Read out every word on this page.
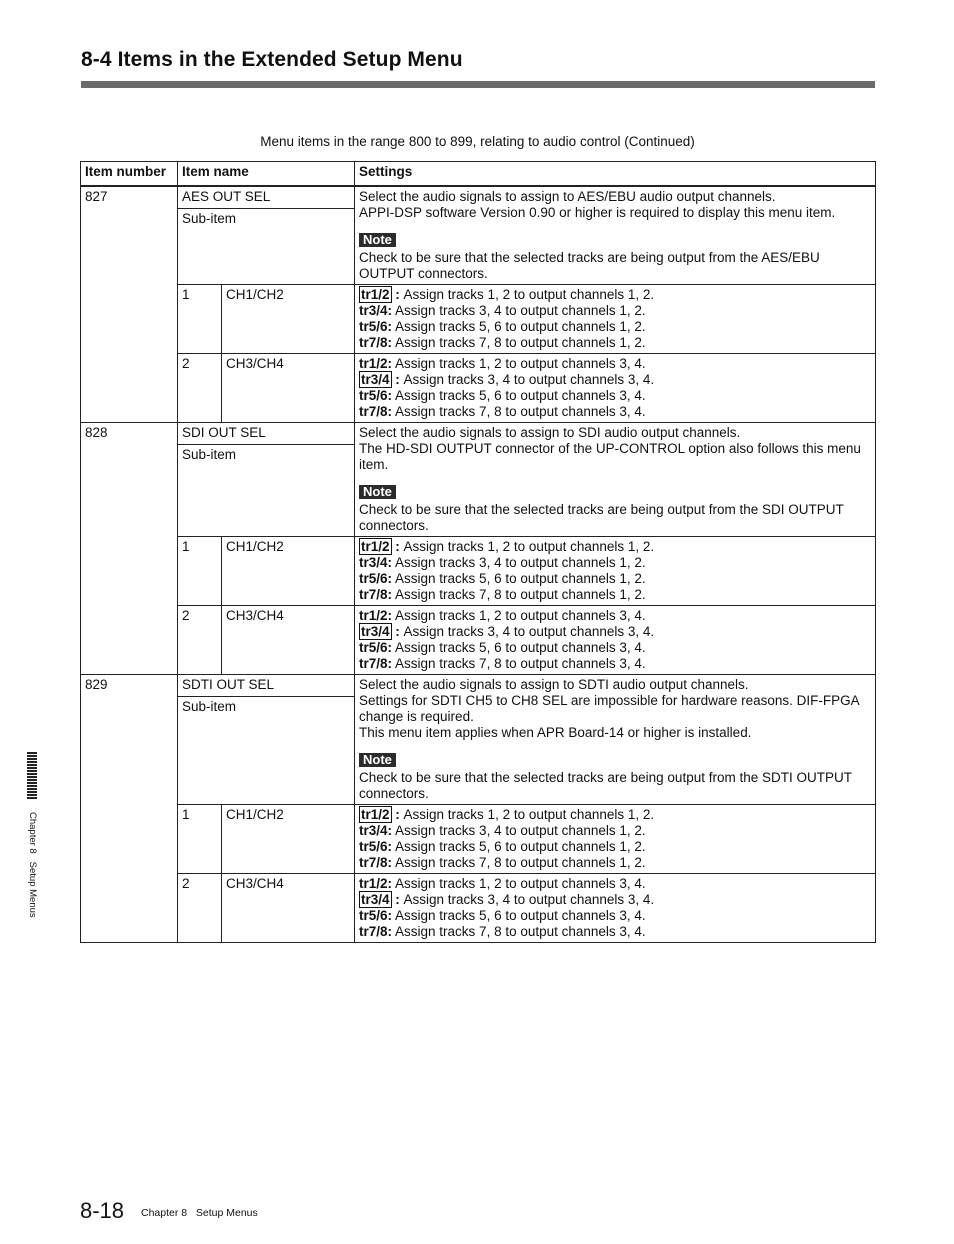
8-4 Items in the Extended Setup Menu
Menu items in the range 800 to 899, relating to audio control (Continued)
Item number	Item name		Settings
827	AES OUT SEL		Select the audio signals to assign to AES/EBU audio output channels.

APPI-DSP software Version 0.90 or higher is required to display this menu item.

Note

Check to be sure that the selected tracks are being output from the AES/EBU OUTPUT connectors.

	Sub-item		
	1	CH1/CH2	tr1/2 : Assign tracks 1, 2 to output channels 1, 2.

tr3/4: Assign tracks 3, 4 to output channels 1, 2.

tr5/6: Assign tracks 5, 6 to output channels 1, 2.

tr7/8: Assign tracks 7, 8 to output channels 1, 2.

	2	CH3/CH4	tr1/2: Assign tracks 1, 2 to output channels 3, 4.

tr3/4 : Assign tracks 3, 4 to output channels 3, 4.

tr5/6: Assign tracks 5, 6 to output channels 3, 4.

tr7/8: Assign tracks 7, 8 to output channels 3, 4.

828	SDI OUT SEL		Select the audio signals to assign to SDI audio output channels.

The HD-SDI OUTPUT connector of the UP-CONTROL option also follows this menu item.

Note

Check to be sure that the selected tracks are being output from the SDI OUTPUT connectors.

	Sub-item		
	1	CH1/CH2	tr1/2 : Assign tracks 1, 2 to output channels 1, 2.

tr3/4: Assign tracks 3, 4 to output channels 1, 2.

tr5/6: Assign tracks 5, 6 to output channels 1, 2.

tr7/8: Assign tracks 7, 8 to output channels 1, 2.

	2	CH3/CH4	tr1/2: Assign tracks 1, 2 to output channels 3, 4.

tr3/4 : Assign tracks 3, 4 to output channels 3, 4.

tr5/6: Assign tracks 5, 6 to output channels 3, 4.

tr7/8: Assign tracks 7, 8 to output channels 3, 4.

829	SDTI OUT SEL		Select the audio signals to assign to SDTI audio output channels.

Settings for SDTI CH5 to CH8 SEL are impossible for hardware reasons. DIF-FPGA change is required.

This menu item applies when APR Board-14 or higher is installed.

Note

Check to be sure that the selected tracks are being output from the SDTI OUTPUT connectors.

	Sub-item		
	1	CH1/CH2	tr1/2 : Assign tracks 1, 2 to output channels 1, 2.

tr3/4: Assign tracks 3, 4 to output channels 1, 2.

tr5/6: Assign tracks 5, 6 to output channels 1, 2.

tr7/8: Assign tracks 7, 8 to output channels 1, 2.

	2	CH3/CH4	tr1/2: Assign tracks 1, 2 to output channels 3, 4.

tr3/4 : Assign tracks 3, 4 to output channels 3, 4.

tr5/6: Assign tracks 5, 6 to output channels 3, 4.

tr7/8: Assign tracks 7, 8 to output channels 3, 4.

Chapter 8   Setup Menus
8-18 Chapter 8 Setup Menus
